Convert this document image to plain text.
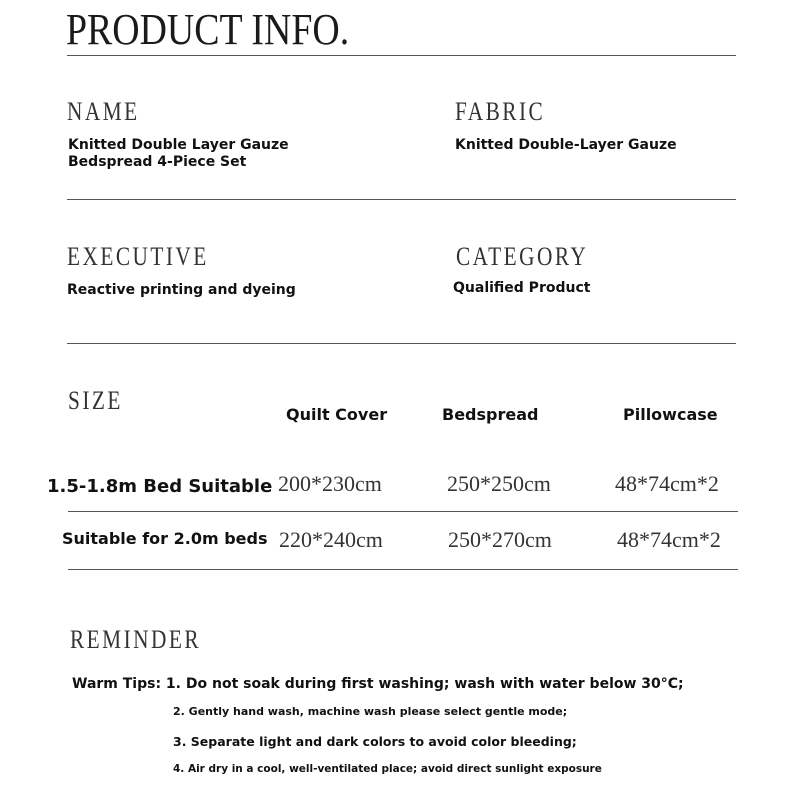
PRODUCT INFO.
NAME
Knitted Double Layer Gauze
Bedspread 4-Piece Set
FABRIC
Knitted Double-Layer Gauze
EXECUTIVE
Reactive printing and dyeing
CATEGORY
Qualified Product
SIZE	Quilt Cover	Bedspread	Pillowcase
1.5-1.8m Bed Suitable 200*230cm	250*250cm	48*74cm*2
Suitable for 2.0m beds 220*240cm	250*270cm	48*74cm*2
REMINDER
Warm Tips: 1. Do not soak during first washing; wash with water below 30°C;
2. Gently hand wash, machine wash please select gentle mode;
3. Separate light and dark colors to avoid color bleeding;
4. Air dry in a cool, well-ventilated place; avoid direct sunlight exposure
